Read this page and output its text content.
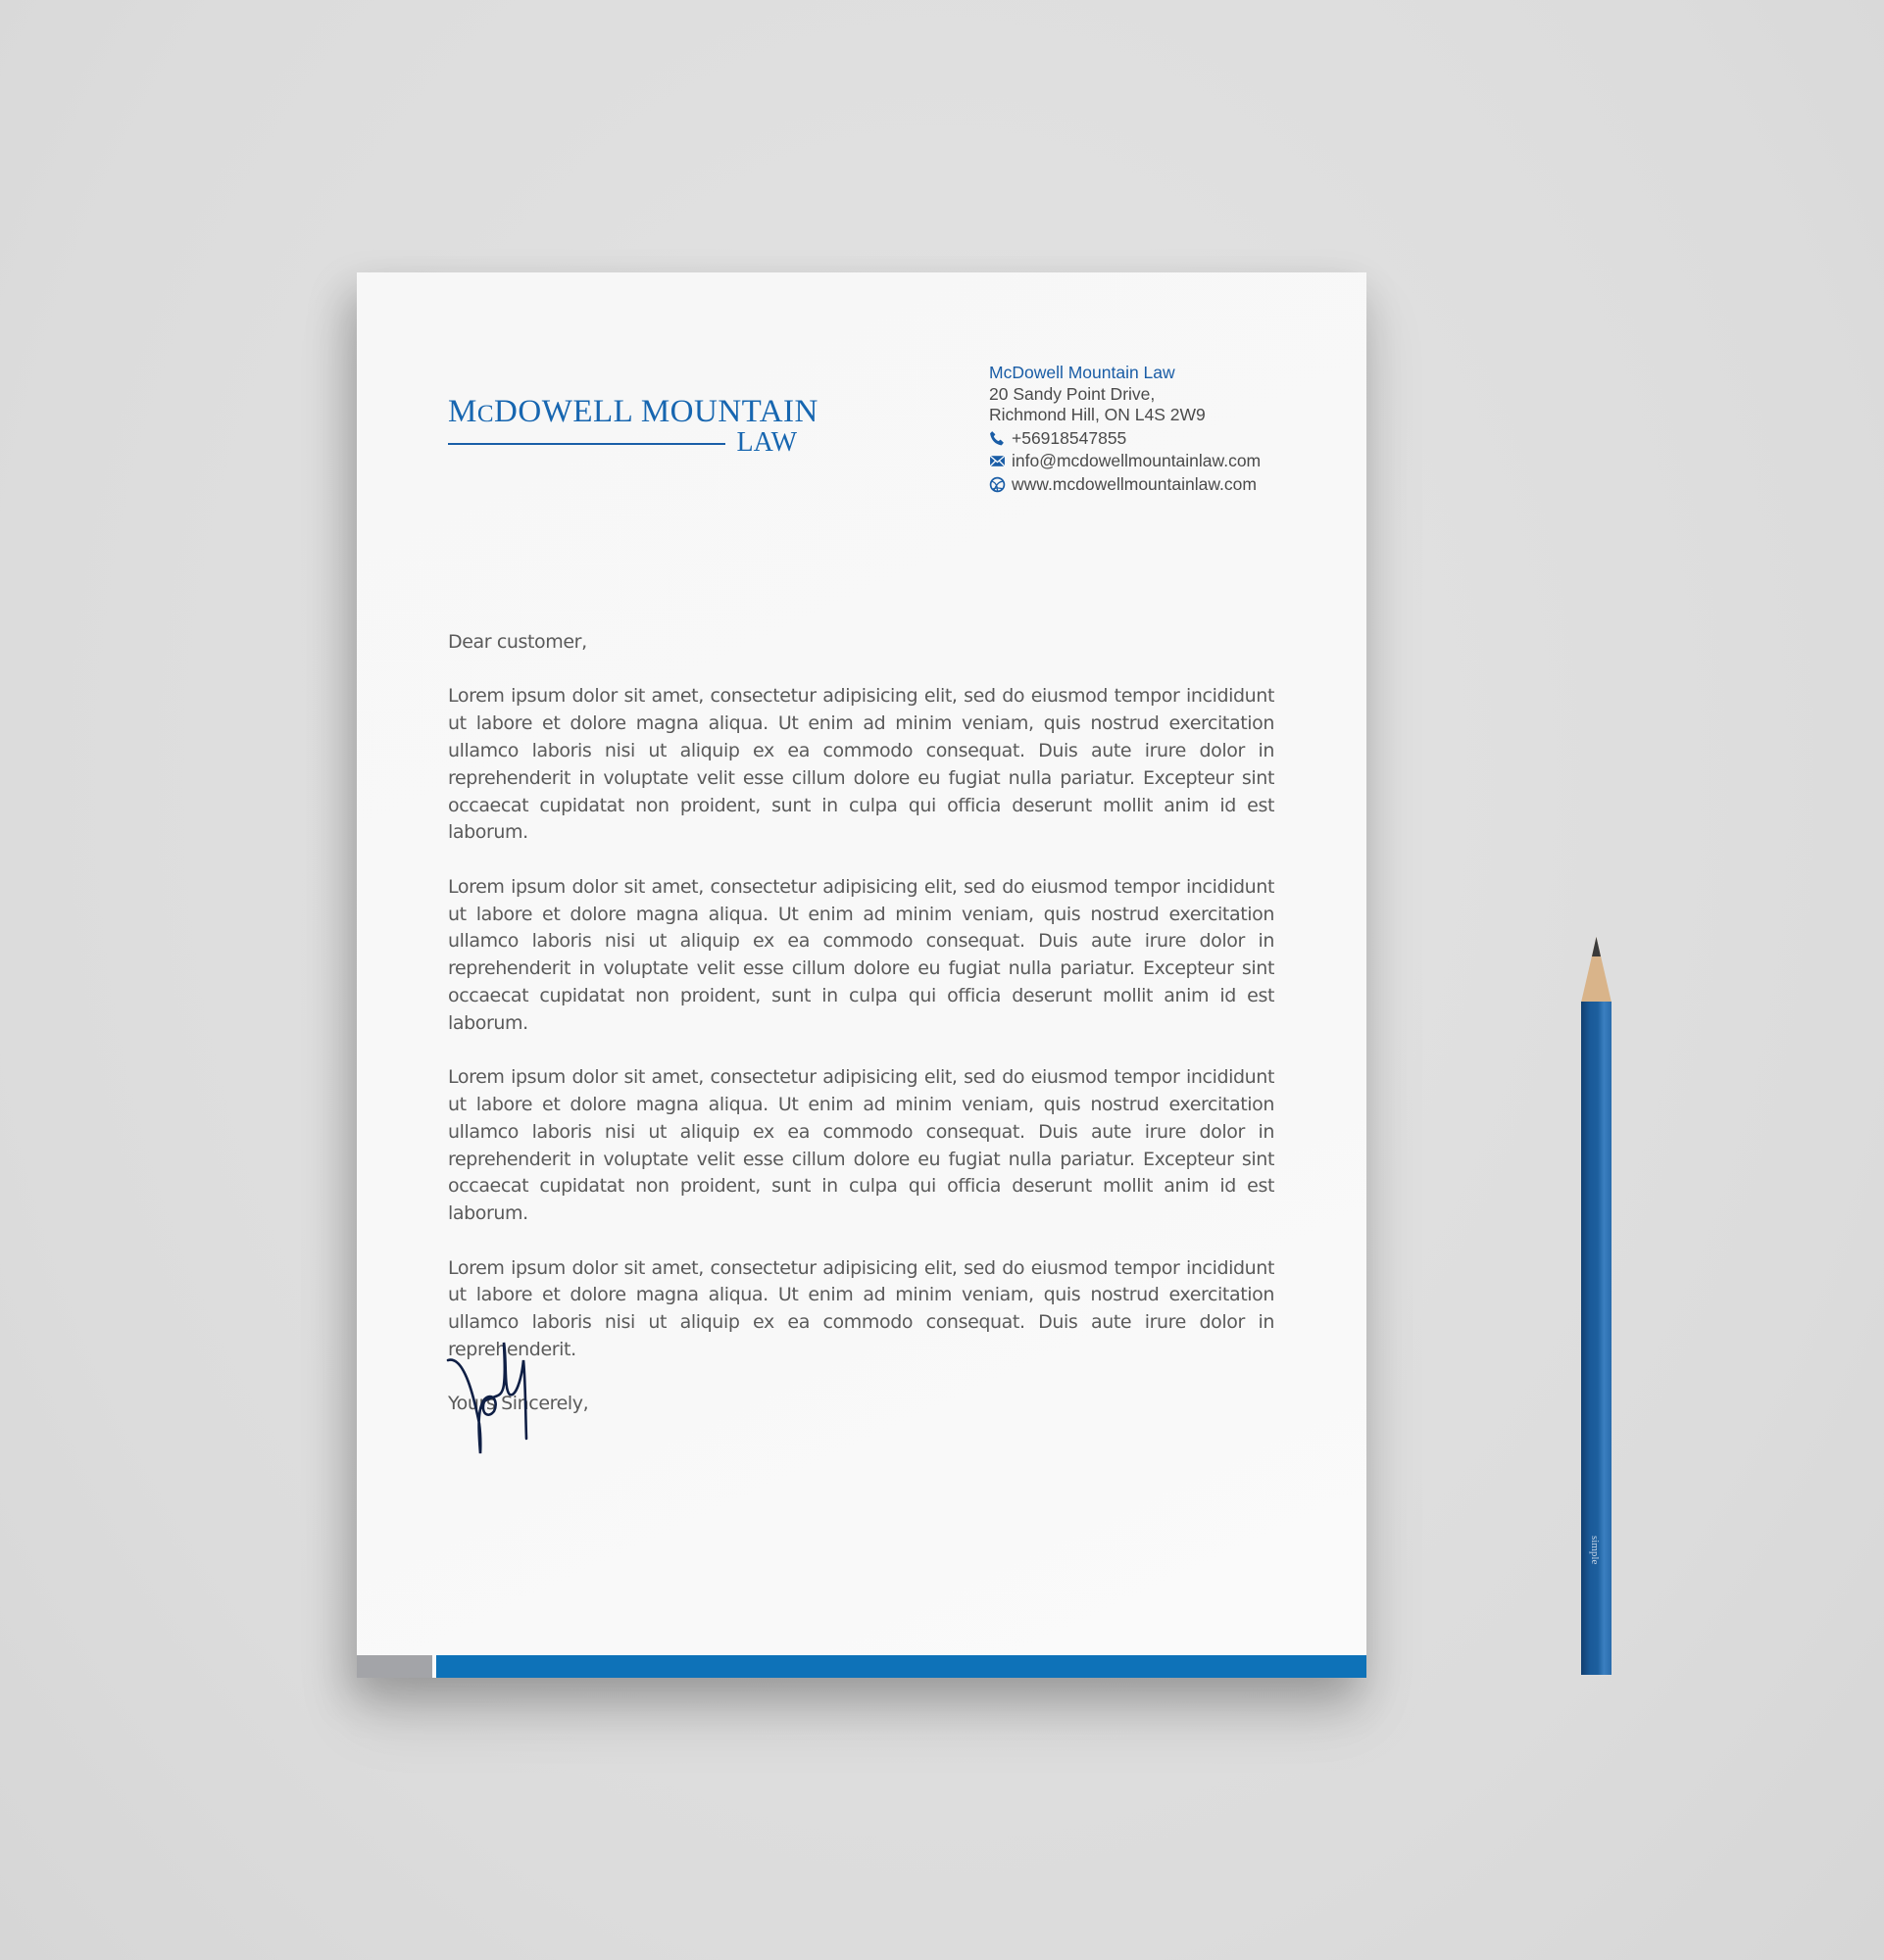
MCDOWELL MOUNTAIN
LAW
McDowell Mountain Law
20 Sandy Point Drive,
Richmond Hill, ON L4S 2W9
+56918547855
info@mcdowellmountainlaw.com
www.mcdowellmountainlaw.com

Dear customer,

Lorem ipsum dolor sit amet, consectetur adipisicing elit, sed do eiusmod tempor incididunt ut labore et dolore magna aliqua. Ut enim ad minim veniam, quis nostrud exercitation ullamco laboris nisi ut aliquip ex ea commodo consequat. Duis aute irure dolor in reprehenderit in voluptate velit esse cillum dolore eu fugiat nulla pariatur. Excepteur sint occaecat cupidatat non proident, sunt in culpa qui officia deserunt mollit anim id est laborum.

Lorem ipsum dolor sit amet, consectetur adipisicing elit, sed do eiusmod tempor incididunt ut labore et dolore magna aliqua. Ut enim ad minim veniam, quis nostrud exercitation ullamco laboris nisi ut aliquip ex ea commodo consequat. Duis aute irure dolor in reprehenderit in voluptate velit esse cillum dolore eu fugiat nulla pariatur. Excepteur sint occaecat cupidatat non proident, sunt in culpa qui officia deserunt mollit anim id est laborum.

Lorem ipsum dolor sit amet, consectetur adipisicing elit, sed do eiusmod tempor incididunt ut labore et dolore magna aliqua. Ut enim ad minim veniam, quis nostrud exercitation ullamco laboris nisi ut aliquip ex ea commodo consequat. Duis aute irure dolor in reprehenderit in voluptate velit esse cillum dolore eu fugiat nulla pariatur. Excepteur sint occaecat cupidatat non proident, sunt in culpa qui officia deserunt mollit anim id est laborum.

Lorem ipsum dolor sit amet, consectetur adipisicing elit, sed do eiusmod tempor incididunt ut labore et dolore magna aliqua. Ut enim ad minim veniam, quis nostrud exercitation ullamco laboris nisi ut aliquip ex ea commodo consequat. Duis aute irure dolor in reprehenderit.

Yours Sincerely,

simple
